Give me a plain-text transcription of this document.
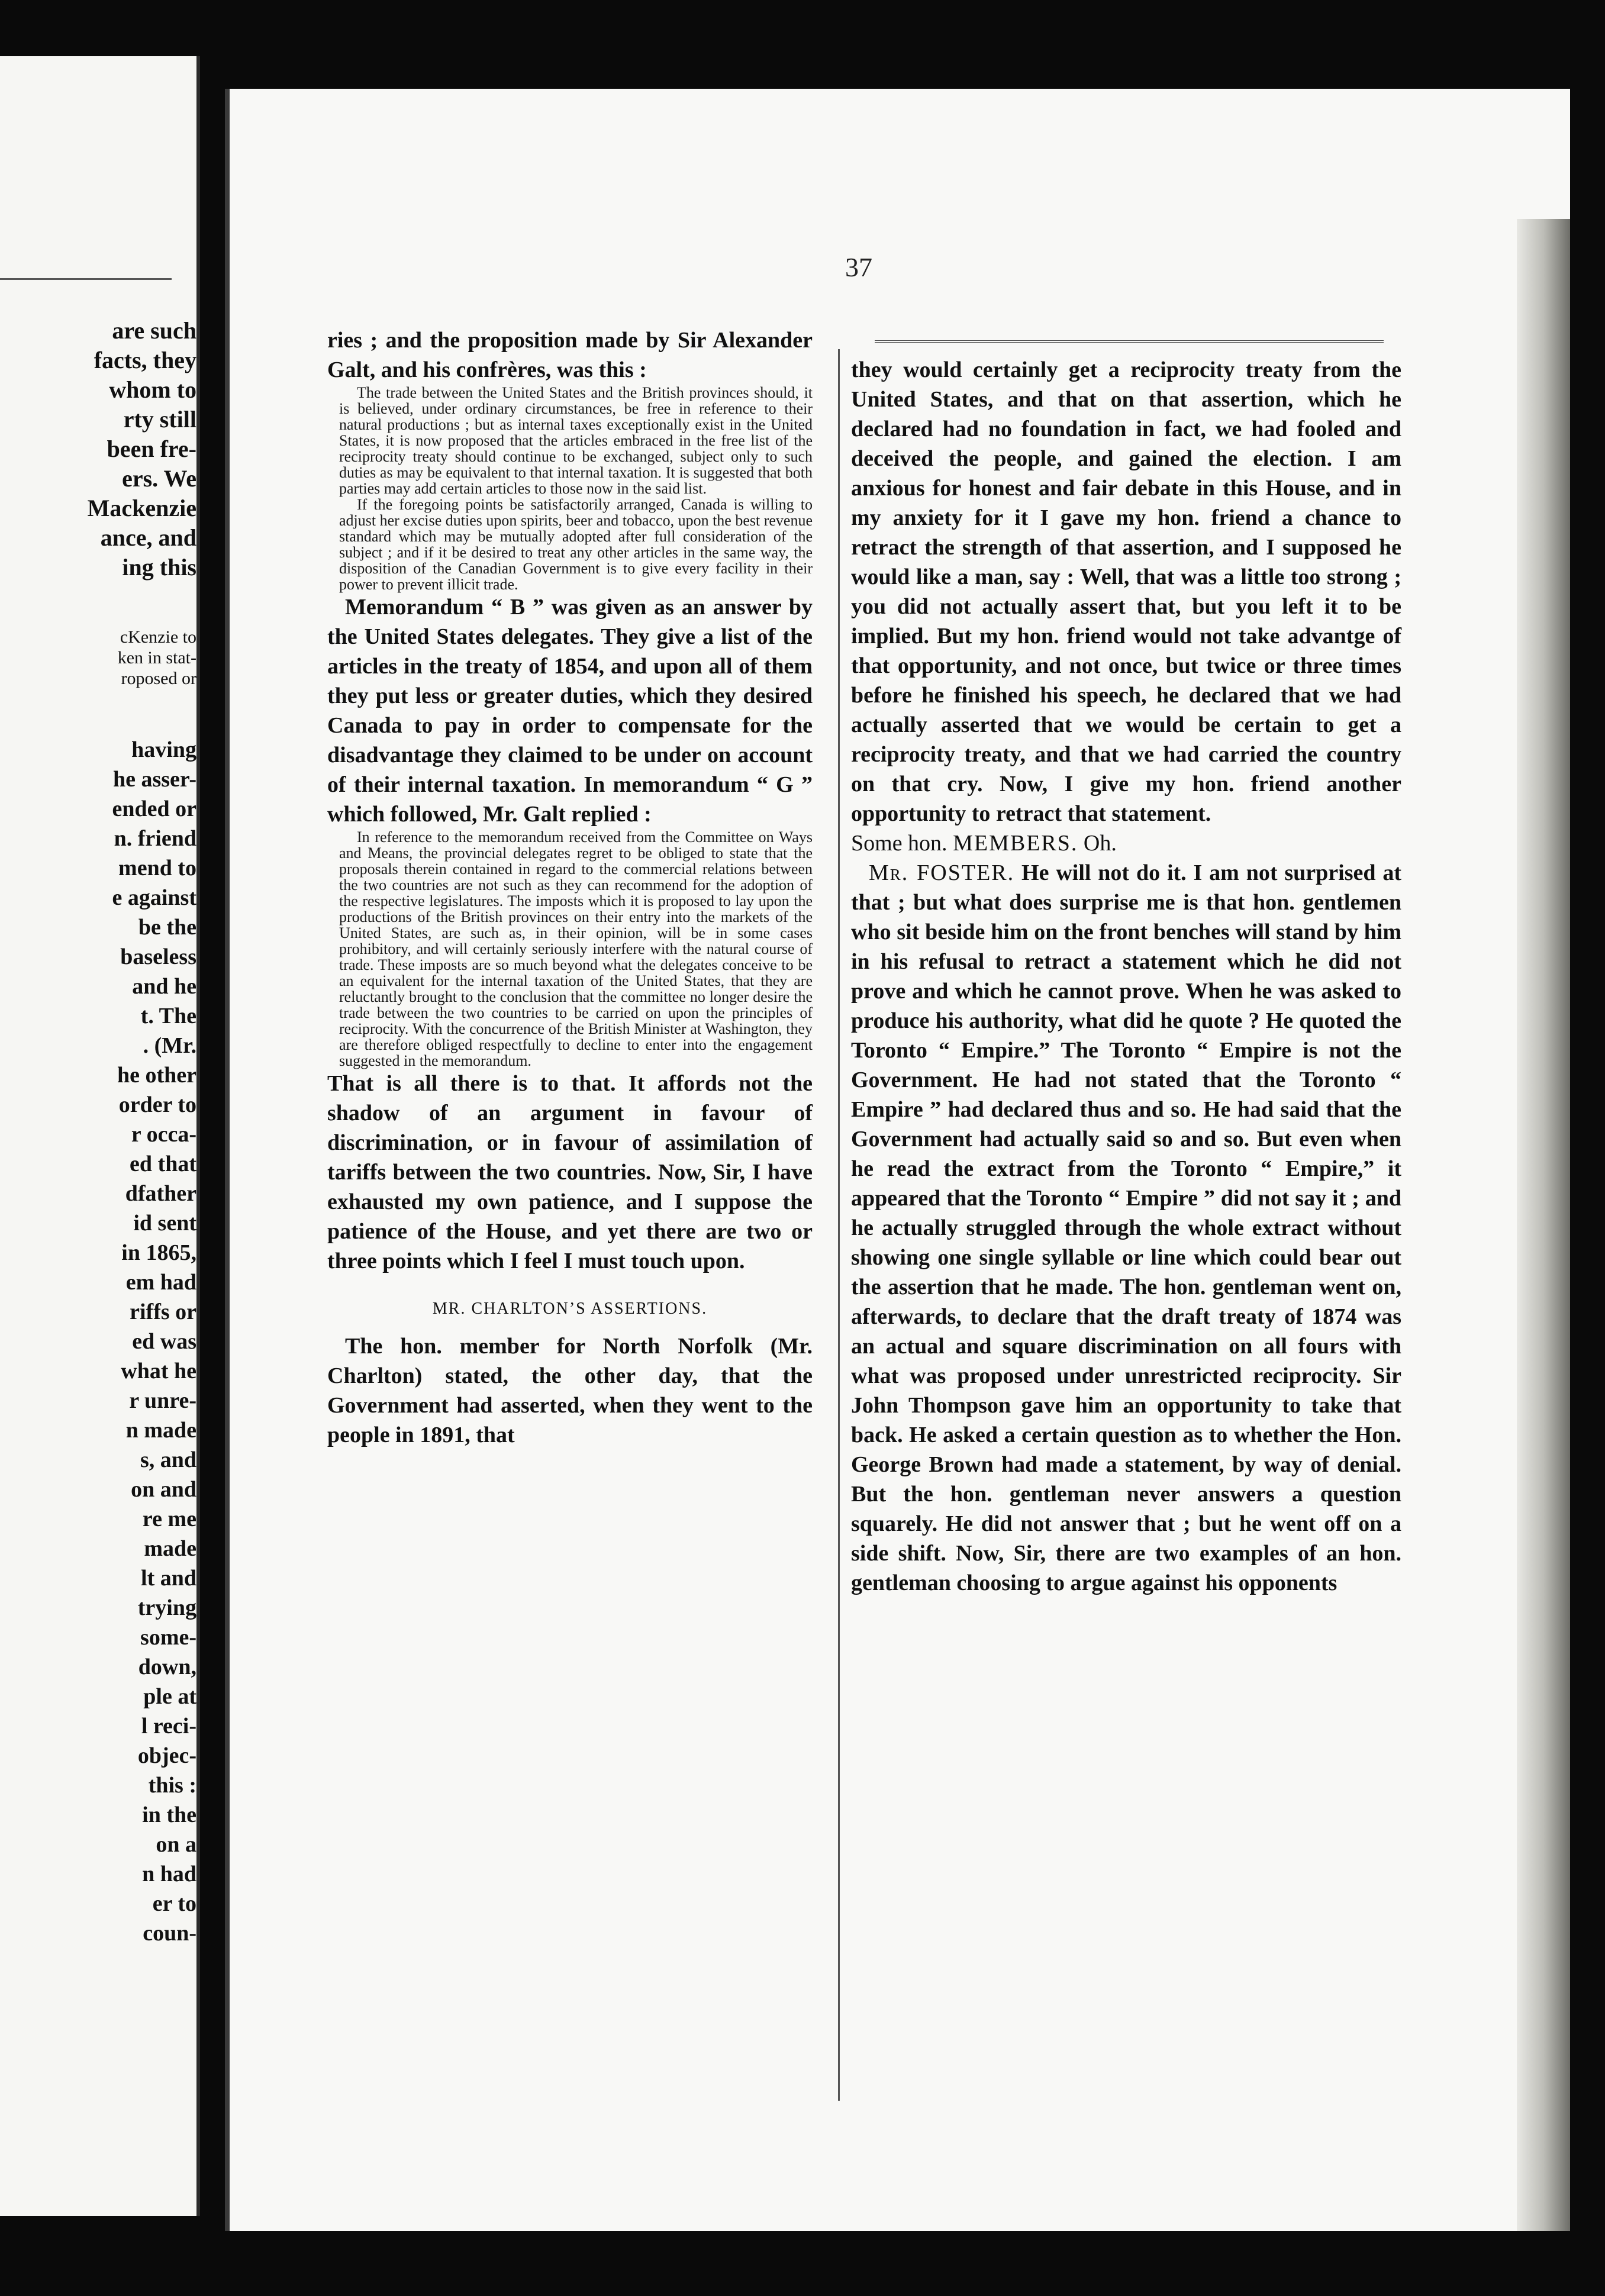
are such
facts, they
whom to
rty still
been fre-
ers. We
Mackenzie
ance, and
ing this
cKenzie to
ken in stat-
roposed or
having
he asser-
ended or
n. friend
mend to
e against
be the
baseless
and he
t. The
. (Mr.
he other
order to
r occa-
ed that
dfather
id sent
in 1865,
em had
riffs or
ed was
what he
r unre-
n made
s, and
on and
re me
made
lt and
trying
some-
down,
ple at
l reci-
objec-
this :
in the
on a
n had
er to
coun-
37

ries ; and the proposition made by Sir Alexander Galt, and his confrères, was this :

The trade between the United States and the British provinces should, it is believed, under ordinary circumstances, be free in reference to their natural productions ; but as internal taxes exceptionally exist in the United States, it is now proposed that the articles embraced in the free list of the reciprocity treaty should continue to be exchanged, subject only to such duties as may be equivalent to that internal taxation. It is suggested that both parties may add certain articles to those now in the said list.

If the foregoing points be satisfactorily arranged, Canada is willing to adjust her excise duties upon spirits, beer and tobacco, upon the best revenue standard which may be mutually adopted after full consideration of the subject ; and if it be desired to treat any other articles in the same way, the disposition of the Canadian Government is to give every facility in their power to prevent illicit trade.

Memorandum “ B ” was given as an answer by the United States delegates. They give a list of the articles in the treaty of 1854, and upon all of them they put less or greater duties, which they desired Canada to pay in order to compensate for the disadvantage they claimed to be under on account of their internal taxation. In memorandum “ G ” which followed, Mr. Galt replied :

In reference to the memorandum received from the Committee on Ways and Means, the provincial delegates regret to be obliged to state that the proposals therein contained in regard to the commercial relations between the two countries are not such as they can recommend for the adoption of the respective legislatures. The imposts which it is proposed to lay upon the productions of the British provinces on their entry into the markets of the United States, are such as, in their opinion, will be in some cases prohibitory, and will certainly seriously interfere with the natural course of trade. These imposts are so much beyond what the delegates conceive to be an equivalent for the internal taxation of the United States, that they are reluctantly brought to the conclusion that the committee no longer desire the trade between the two countries to be carried on upon the principles of reciprocity. With the concurrence of the British Minister at Washington, they are therefore obliged respectfully to decline to enter into the engagement suggested in the memorandum.

That is all there is to that. It affords not the shadow of an argument in favour of discrimination, or in favour of assimilation of tariffs between the two countries. Now, Sir, I have exhausted my own patience, and I suppose the patience of the House, and yet there are two or three points which I feel I must touch upon.

MR. CHARLTON’S ASSERTIONS.

The hon. member for North Norfolk (Mr. Charlton) stated, the other day, that the Government had asserted, when they went to the people in 1891, that

they would certainly get a reciprocity treaty from the United States, and that on that assertion, which he declared had no foundation in fact, we had fooled and deceived the people, and gained the election. I am anxious for honest and fair debate in this House, and in my anxiety for it I gave my hon. friend a chance to retract the strength of that assertion, and I supposed he would like a man, say : Well, that was a little too strong ; you did not actually assert that, but you left it to be implied. But my hon. friend would not take advantge of that opportunity, and not once, but twice or three times before he finished his speech, he declared that we had actually asserted that we would be certain to get a reciprocity treaty, and that we had carried the country on that cry. Now, I give my hon. friend another opportunity to retract that statement.

Some hon. MEMBERS. Oh.

Mr. FOSTER. He will not do it. I am not surprised at that ; but what does surprise me is that hon. gentlemen who sit beside him on the front benches will stand by him in his refusal to retract a statement which he did not prove and which he cannot prove. When he was asked to produce his authority, what did he quote ? He quoted the Toronto “ Empire.” The Toronto “ Empire is not the Government. He had not stated that the Toronto “ Empire ” had declared thus and so. He had said that the Government had actually said so and so. But even when he read the extract from the Toronto “ Empire,” it appeared that the Toronto “ Empire ” did not say it ; and he actually struggled through the whole extract without showing one single syllable or line which could bear out the assertion that he made. The hon. gentleman went on, afterwards, to declare that the draft treaty of 1874 was an actual and square discrimination on all fours with what was proposed under unrestricted reciprocity. Sir John Thompson gave him an opportunity to take that back. He asked a certain question as to whether the Hon. George Brown had made a statement, by way of denial. But the hon. gentleman never answers a question squarely. He did not answer that ; but he went off on a side shift. Now, Sir, there are two examples of an hon. gentleman choosing to argue against his opponents
